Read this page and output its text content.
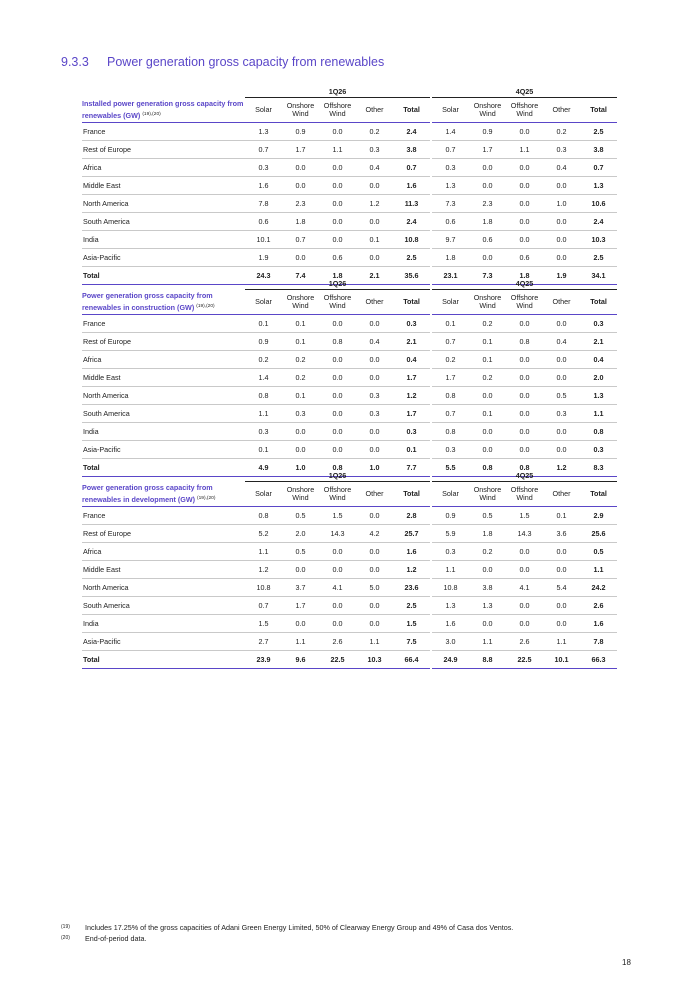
9.3.3 Power generation gross capacity from renewables
	1Q26						4Q25				
Installed power generation gross capacity from renewables (GW) $^{(19),(20)}$	Solar	Onshore Wind	Offshore Wind	Other	Total		Solar	Onshore Wind	Offshore Wind	Other	Total
France	1.3	0.9	0.0	0.2	2.4		1.4	0.9	0.0	0.2	2.5
Rest of Europe	0.7	1.7	1.1	0.3	3.8		0.7	1.7	1.1	0.3	3.8
Africa	0.3	0.0	0.0	0.4	0.7		0.3	0.0	0.0	0.4	0.7
Middle East	1.6	0.0	0.0	0.0	1.6		1.3	0.0	0.0	0.0	1.3
North America	7.8	2.3	0.0	1.2	11.3		7.3	2.3	0.0	1.0	10.6
South America	0.6	1.8	0.0	0.0	2.4		0.6	1.8	0.0	0.0	2.4
India	10.1	0.7	0.0	0.1	10.8		9.7	0.6	0.0	0.0	10.3
Asia-Pacific	1.9	0.0	0.6	0.0	2.5		1.8	0.0	0.6	0.0	2.5
Total	24.3	7.4	1.8	2.1	35.6		23.1	7.3	1.8	1.9	34.1
	1Q26						4Q25				
Power generation gross capacity from renewables in construction (GW) $^{(19),(20)}$	Solar	Onshore Wind	Offshore Wind	Other	Total		Solar	Onshore Wind	Offshore Wind	Other	Total
France	0.1	0.1	0.0	0.0	0.3		0.1	0.2	0.0	0.0	0.3
Rest of Europe	0.9	0.1	0.8	0.4	2.1		0.7	0.1	0.8	0.4	2.1
Africa	0.2	0.2	0.0	0.0	0.4		0.2	0.1	0.0	0.0	0.4
Middle East	1.4	0.2	0.0	0.0	1.7		1.7	0.2	0.0	0.0	2.0
North America	0.8	0.1	0.0	0.3	1.2		0.8	0.0	0.0	0.5	1.3
South America	1.1	0.3	0.0	0.3	1.7		0.7	0.1	0.0	0.3	1.1
India	0.3	0.0	0.0	0.0	0.3		0.8	0.0	0.0	0.0	0.8
Asia-Pacific	0.1	0.0	0.0	0.0	0.1		0.3	0.0	0.0	0.0	0.3
Total	4.9	1.0	0.8	1.0	7.7		5.5	0.8	0.8	1.2	8.3
	1Q26						4Q25				
Power generation gross capacity from renewables in development (GW) $^{(19),(20)}$	Solar	Onshore Wind	Offshore Wind	Other	Total		Solar	Onshore Wind	Offshore Wind	Other	Total
France	0.8	0.5	1.5	0.0	2.8		0.9	0.5	1.5	0.1	2.9
Rest of Europe	5.2	2.0	14.3	4.2	25.7		5.9	1.8	14.3	3.6	25.6
Africa	1.1	0.5	0.0	0.0	1.6		0.3	0.2	0.0	0.0	0.5
Middle East	1.2	0.0	0.0	0.0	1.2		1.1	0.0	0.0	0.0	1.1
North America	10.8	3.7	4.1	5.0	23.6		10.8	3.8	4.1	5.4	24.2
South America	0.7	1.7	0.0	0.0	2.5		1.3	1.3	0.0	0.0	2.6
India	1.5	0.0	0.0	0.0	1.5		1.6	0.0	0.0	0.0	1.6
Asia-Pacific	2.7	1.1	2.6	1.1	7.5		3.0	1.1	2.6	1.1	7.8
Total	23.9	9.6	22.5	10.3	66.4		24.9	8.8	22.5	10.1	66.3
(19)	Includes 17.25% of the gross capacities of Adani Green Energy Limited, 50% of Clearway Energy Group and 49% of Casa dos Ventos.
(20)	End-of-period data.
18
